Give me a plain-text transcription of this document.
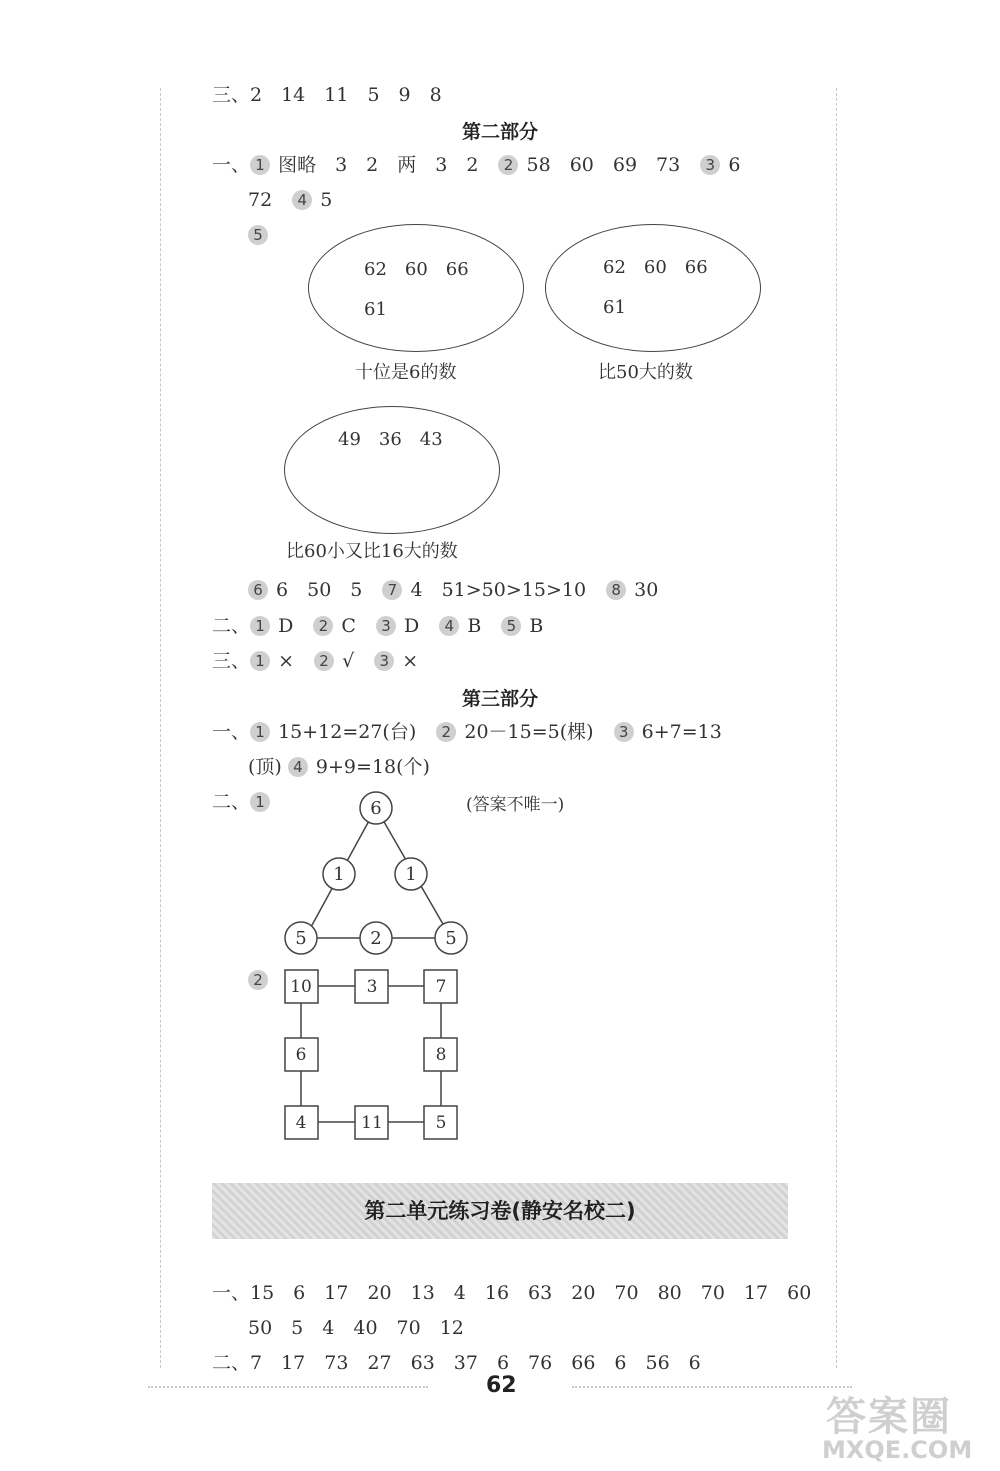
三、2　14　11　5　9　8
第二部分
一、 1 图略　3　2　两　3　2 2 58　60　69　73 3 6
72 4 5
5
62　60　66
61
十位是6的数
62　60　66
61
比50大的数
49　36　43
比60小又比16大的数
6 6　50　5 7 4　51>50>15>10 8 30
二、 1 D 2 C 3 D 4 B 5 B
三、 1 × 2 √ 3 ×
第三部分
一、 1 15+12=27(台) 2 20－15=5(棵) 3 6+7=13
(顶) 4 9+9=18(个)
二、 1	(答案不唯一)
6
1	1
5	2	5
2	10	3	7
6	8
4	11	5
第二单元练习卷(静安名校二)
一、15　6　17　20　13　4　16　63　20　70　80　70　17　60
50　5　4　40　70　12
二、7　17　73　27　63　37　6　76　66　6　56　6
62
答案圈
MXQE.COM
